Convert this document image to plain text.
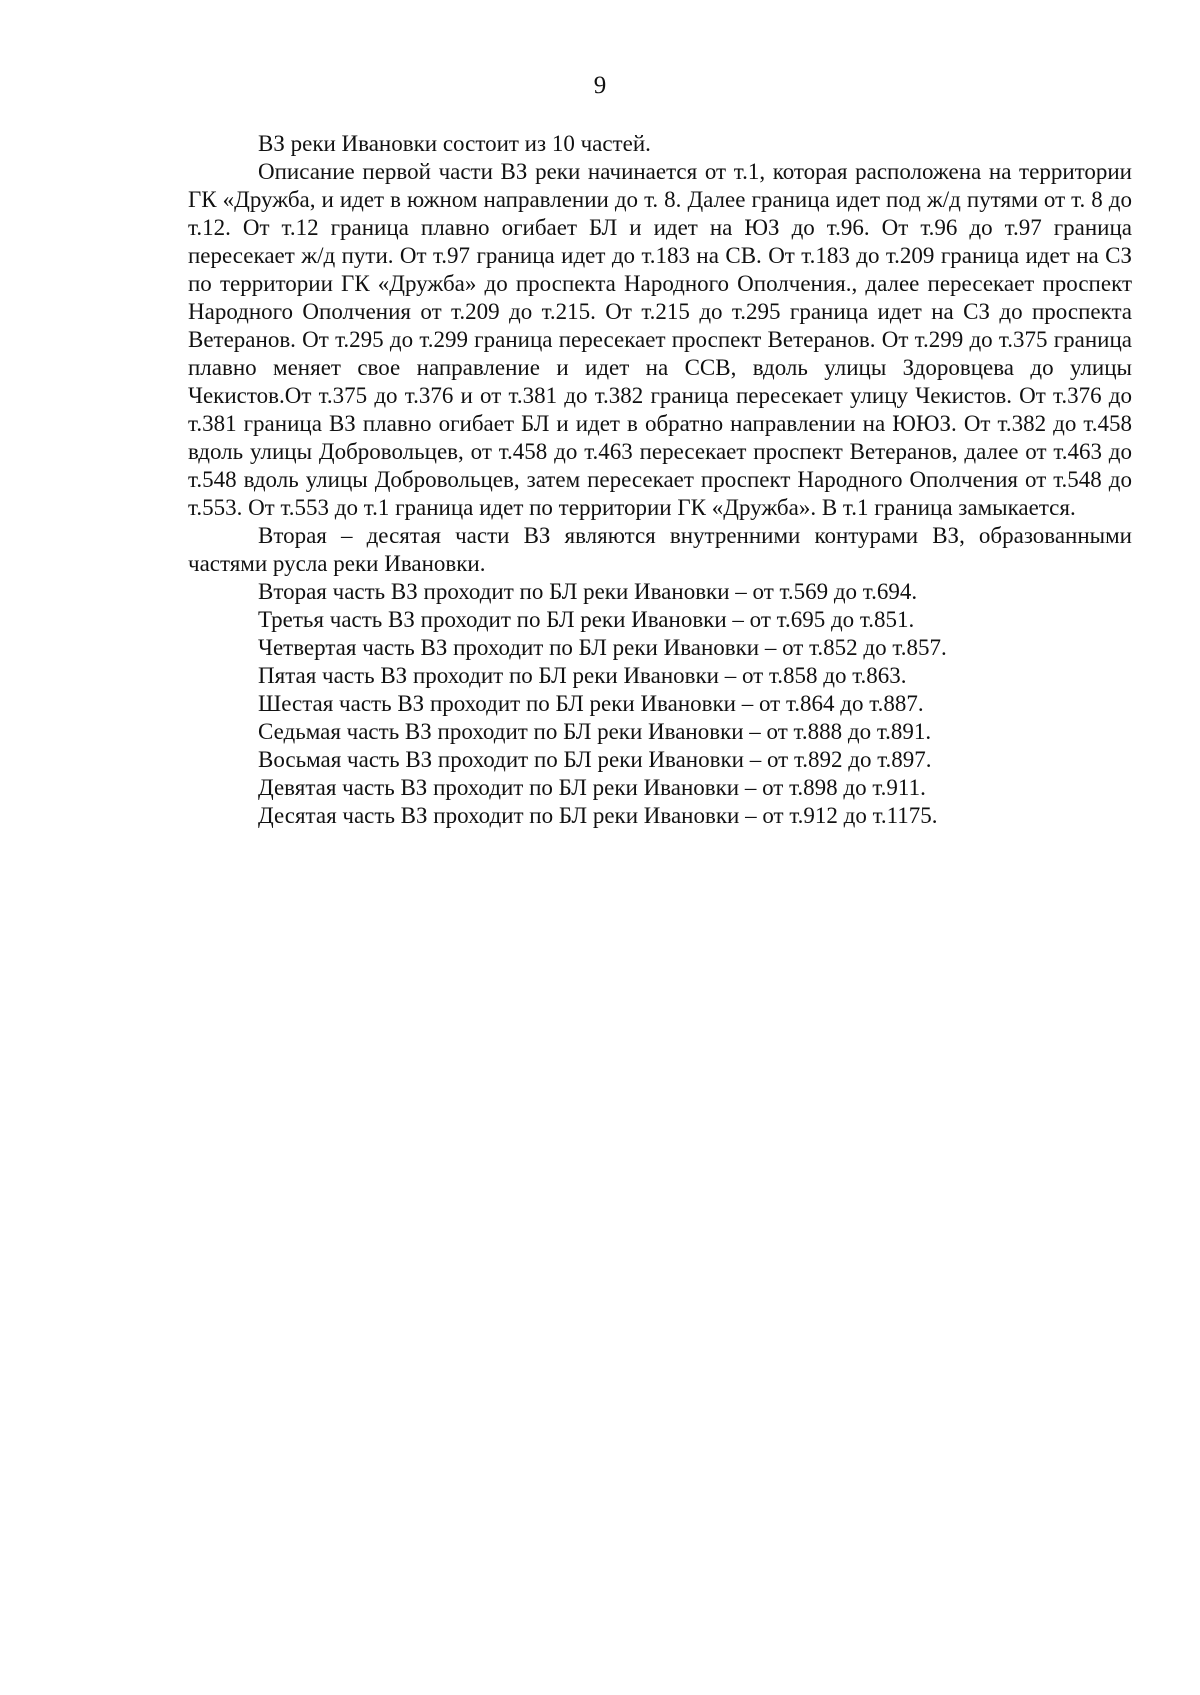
9

ВЗ реки Ивановки состоит из 10 частей.

Описание первой части ВЗ реки начинается от т.1, которая расположена на территории ГК «Дружба, и идет в южном направлении до т. 8. Далее граница идет под ж/д путями от т. 8 до т.12. От т.12 граница плавно огибает БЛ и идет на ЮЗ до т.96. От т.96 до т.97 граница пересекает ж/д пути. От т.97 граница идет до т.183 на СВ. От т.183 до т.209 граница идет на СЗ по территории ГК «Дружба» до проспекта Народного Ополчения., далее пересекает проспект Народного Ополчения от т.209 до т.215. От т.215 до т.295 граница идет на СЗ до проспекта Ветеранов. От т.295 до т.299 граница пересекает проспект Ветеранов. От т.299 до т.375 граница плавно меняет свое направление и идет на ССВ, вдоль улицы Здоровцева до улицы Чекистов.От т.375 до т.376 и от т.381 до т.382 граница пересекает улицу Чекистов. От т.376 до т.381 граница ВЗ плавно огибает БЛ и идет в обратно направлении на ЮЮЗ. От т.382 до т.458 вдоль улицы Добровольцев, от т.458 до т.463 пересекает проспект Ветеранов, далее от т.463 до т.548 вдоль улицы Добровольцев, затем пересекает проспект Народного Ополчения от т.548 до т.553. От т.553 до т.1 граница идет по территории ГК «Дружба». В т.1 граница замыкается.

Вторая – десятая части ВЗ являются внутренними контурами ВЗ, образованными частями русла реки Ивановки.

Вторая часть ВЗ проходит по БЛ реки Ивановки – от т.569 до т.694.

Третья часть ВЗ проходит по БЛ реки Ивановки – от т.695 до т.851.

Четвертая часть ВЗ проходит по БЛ реки Ивановки – от т.852 до т.857.

Пятая часть ВЗ проходит по БЛ реки Ивановки – от т.858 до т.863.

Шестая часть ВЗ проходит по БЛ реки Ивановки – от т.864 до т.887.

Седьмая часть ВЗ проходит по БЛ реки Ивановки – от т.888 до т.891.

Восьмая часть ВЗ проходит по БЛ реки Ивановки – от т.892 до т.897.

Девятая часть ВЗ проходит по БЛ реки Ивановки – от т.898 до т.911.

Десятая часть ВЗ проходит по БЛ реки Ивановки – от т.912 до т.1175.
